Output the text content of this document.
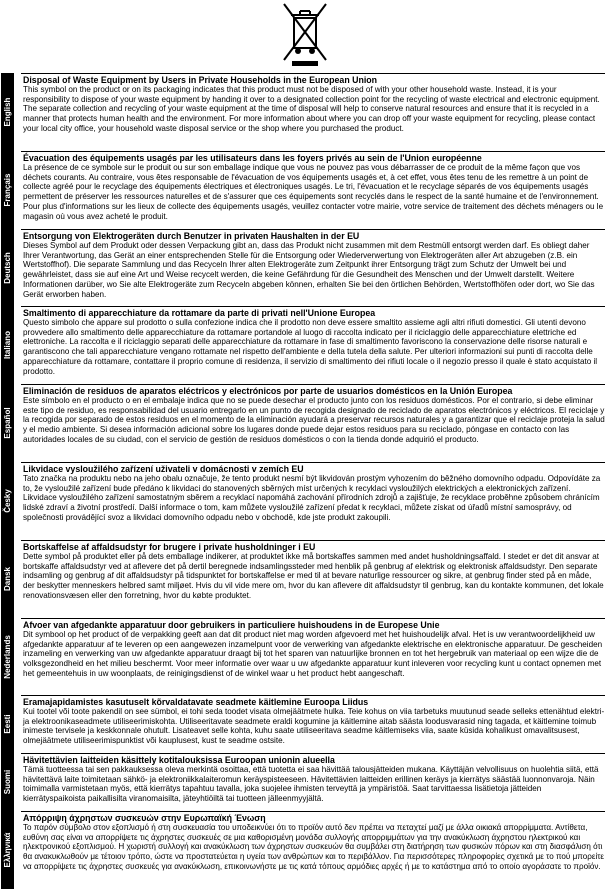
English
Disposal of Waste Equipment by Users in Private Households in the European Union
This symbol on the product or on its packaging indicates that this product must not be disposed of with your other household waste. Instead, it is your responsibility to dispose of your waste equipment by handing it over to a designated collection point for the recycling of waste electrical and electronic equipment. The separate collection and recycling of your waste equipment at the time of disposal will help to conserve natural resources and ensure that it is recycled in a manner that protects human health and the environment. For more information about where you can drop off your waste equipment for recycling, please contact your local city office, your household waste disposal service or the shop where you purchased the product.
Français
Évacuation des équipements usagés par les utilisateurs dans les foyers privés au sein de l'Union européenne
La présence de ce symbole sur le produit ou sur son emballage indique que vous ne pouvez pas vous débarrasser de ce produit de la même façon que vos déchets courants. Au contraire, vous êtes responsable de l'évacuation de vos équipements usagés et, à cet effet, vous êtes tenu de les remettre à un point de collecte agréé pour le recyclage des équipements électriques et électroniques usagés. Le tri, l'évacuation et le recyclage séparés de vos équipements usagés permettent de préserver les ressources naturelles et de s'assurer que ces équipements sont recyclés dans le respect de la santé humaine et de l'environnement. Pour plus d'informations sur les lieux de collecte des équipements usagés, veuillez contacter votre mairie, votre service de traitement des déchets ménagers ou le magasin où vous avez acheté le produit.
Deutsch
Entsorgung von Elektrogeräten durch Benutzer in privaten Haushalten in der EU
Dieses Symbol auf dem Produkt oder dessen Verpackung gibt an, dass das Produkt nicht zusammen mit dem Restmüll entsorgt werden darf. Es obliegt daher Ihrer Verantwortung, das Gerät an einer entsprechenden Stelle für die Entsorgung oder Wiederverwertung von Elektrogeräten aller Art abzugeben (z.B. ein Wertstoffhof). Die separate Sammlung und das Recyceln Ihrer alten Elektrogeräte zum Zeitpunkt ihrer Entsorgung trägt zum Schutz der Umwelt bei und gewährleistet, dass sie auf eine Art und Weise recycelt werden, die keine Gefährdung für die Gesundheit des Menschen und der Umwelt darstellt. Weitere Informationen darüber, wo Sie alte Elektrogeräte zum Recyceln abgeben können, erhalten Sie bei den örtlichen Behörden, Wertstoffhöfen oder dort, wo Sie das Gerät erworben haben.
Italiano
Smaltimento di apparecchiature da rottamare da parte di privati nell'Unione Europea
Questo simbolo che appare sul prodotto o sulla confezione indica che il prodotto non deve essere smaltito assieme agli altri rifiuti domestici. Gli utenti devono provvedere allo smaltimento delle apparecchiature da rottamare portandole al luogo di raccolta indicato per il riciclaggio delle apparecchiature elettriche ed elettroniche. La raccolta e il riciclaggio separati delle apparecchiature da rottamare in fase di smaltimento favoriscono la conservazione delle risorse naturali e garantiscono che tali apparecchiature vengano rottamate nel rispetto dell'ambiente e della tutela della salute. Per ulteriori informazioni sui punti di raccolta delle apparecchiature da rottamare, contattare il proprio comune di residenza, il servizio di smaltimento dei rifiuti locale o il negozio presso il quale è stato acquistato il prodotto.
Español
Eliminación de residuos de aparatos eléctricos y electrónicos por parte de usuarios domésticos en la Unión Europea
Este símbolo en el producto o en el embalaje indica que no se puede desechar el producto junto con los residuos domésticos. Por el contrario, si debe eliminar este tipo de residuo, es responsabilidad del usuario entregarlo en un punto de recogida designado de reciclado de aparatos electrónicos y eléctricos. El reciclaje y la recogida por separado de estos residuos en el momento de la eliminación ayudará a preservar recursos naturales y a garantizar que el reciclaje proteja la salud y el medio ambiente. Si desea información adicional sobre los lugares donde puede dejar estos residuos para su reciclado, póngase en contacto con las autoridades locales de su ciudad, con el servicio de gestión de residuos domésticos o con la tienda donde adquirió el producto.
Česky
Likvidace vysloužilého zařízení uživateli v domácnosti v zemích EU
Tato značka na produktu nebo na jeho obalu označuje, že tento produkt nesmí být likvidován prostým vyhozením do běžného domovního odpadu. Odpovídáte za to, že vysloužilé zařízení bude předáno k likvidaci do stanovených sběrných míst určených k recyklaci vysloužilých elektrických a elektronických zařízení. Likvidace vysloužilého zařízení samostatným sběrem a recyklací napomáhá zachování přírodních zdrojů a zajišťuje, že recyklace proběhne způsobem chránícím lidské zdraví a životní prostředí. Další informace o tom, kam můžete vysloužilé zařízení předat k recyklaci, můžete získat od úřadů místní samosprávy, od společnosti provádějící svoz a likvidaci domovního odpadu nebo v obchodě, kde jste produkt zakoupili.
Dansk
Bortskaffelse af affaldsudstyr for brugere i private husholdninger i EU
Dette symbol på produktet eller på dets emballage indikerer, at produktet ikke må bortskaffes sammen med andet husholdningsaffald. I stedet er det dit ansvar at bortskaffe affaldsudstyr ved at aflevere det på dertil beregnede indsamlingssteder med henblik på genbrug af elektrisk og elektronisk affaldsudstyr. Den separate indsamling og genbrug af dit affaldsudstyr på tidspunktet for bortskaffelse er med til at bevare naturlige ressourcer og sikre, at genbrug finder sted på en måde, der beskytter menneskers helbred samt miljøet. Hvis du vil vide mere om, hvor du kan aflevere dit affaldsudstyr til genbrug, kan du kontakte kommunen, det lokale renovationsvæsen eller den forretning, hvor du købte produktet.
Nederlands
Afvoer van afgedankte apparatuur door gebruikers in particuliere huishoudens in de Europese Unie
Dit symbool op het product of de verpakking geeft aan dat dit product niet mag worden afgevoerd met het huishoudelijk afval. Het is uw verantwoordelijkheid uw afgedankte apparatuur af te leveren op een aangewezen inzamelpunt voor de verwerking van afgedankte elektrische en elektronische apparatuur. De gescheiden inzameling en verwerking van uw afgedankte apparatuur draagt bij tot het sparen van natuurlijke bronnen en tot het hergebruik van materiaal op een wijze die de volksgezondheid en het milieu beschermt. Voor meer informatie over waar u uw afgedankte apparatuur kunt inleveren voor recycling kunt u contact opnemen met het gemeentehuis in uw woonplaats, de reinigingsdienst of de winkel waar u het product hebt aangeschaft.
Eesti
Eramajapidamistes kasutuselt kõrvaldatavate seadmete käitlemine Euroopa Liidus
Kui tootel või toote pakendil on see sümbol, ei tohi seda toodet visata olmejäätmete hulka. Teie kohus on viia tarbetuks muutunud seade selleks ettenähtud elektri- ja elektroonikaseadmete utiliseerimiskohta. Utiliseeritavate seadmete eraldi kogumine ja käitlemine aitab säästa loodusvarasid ning tagada, et käitlemine toimub inimeste tervisele ja keskkonnale ohutult. Lisateavet selle kohta, kuhu saate utiliseeritava seadme käitlemiseks viia, saate küsida kohalikust omavalitsusest, olmejäätmete utiliseerimispunktist või kauplusest, kust te seadme ostsite.
Suomi
Hävitettävien laitteiden käsittely kotitalouksissa Euroopan unionin alueella
Tämä tuotteessa tai sen pakkauksessa oleva merkintä osoittaa, että tuotetta ei saa hävittää talousjätteiden mukana. Käyttäjän velvollisuus on huolehtia siitä, että hävitettävä laite toimitetaan sähkö- ja elektroniikkalaiteromun keräyspisteeseen. Hävitettävien laitteiden erillinen keräys ja kierrätys säästää luonnonvaroja. Näin toimimalla varmistetaan myös, että kierrätys tapahtuu tavalla, joka suojelee ihmisten terveyttä ja ympäristöä. Saat tarvittaessa lisätietoja jätteiden kierrätyspaikoista paikallisilta viranomaisilta, jäteyhtiöiltä tai tuotteen jälleenmyyjältä.
Ελληνικά
Απόρριψη άχρηστων συσκευών στην Ευρωπαϊκή Ένωση
Το παρόν σύμβολο στον εξοπλισμό ή στη συσκευασία του υποδεικνύει ότι το προϊόν αυτό δεν πρέπει να πεταχτεί μαζί με άλλα οικιακά απορρίμματα. Αντίθετα, ευθύνη σας είναι να απορρίψετε τις άχρηστες συσκευές σε μια καθορισμένη μονάδα συλλογής απορριμμάτων για την ανακύκλωση άχρηστου ηλεκτρικού και ηλεκτρονικού εξοπλισμού. Η χωριστή συλλογή και ανακύκλωση των άχρηστων συσκευών θα συμβάλει στη διατήρηση των φυσικών πόρων και στη διασφάλιση ότι θα ανακυκλωθούν με τέτοιον τρόπο, ώστε να προστατεύεται η υγεία των ανθρώπων και το περιβάλλον. Για περισσότερες πληροφορίες σχετικά με το πού μπορείτε να απορρίψετε τις άχρηστες συσκευές για ανακύκλωση, επικοινωνήστε με τις κατά τόπους αρμόδιες αρχές ή με το κατάστημα από το οποίο αγοράσατε το προϊόν.
